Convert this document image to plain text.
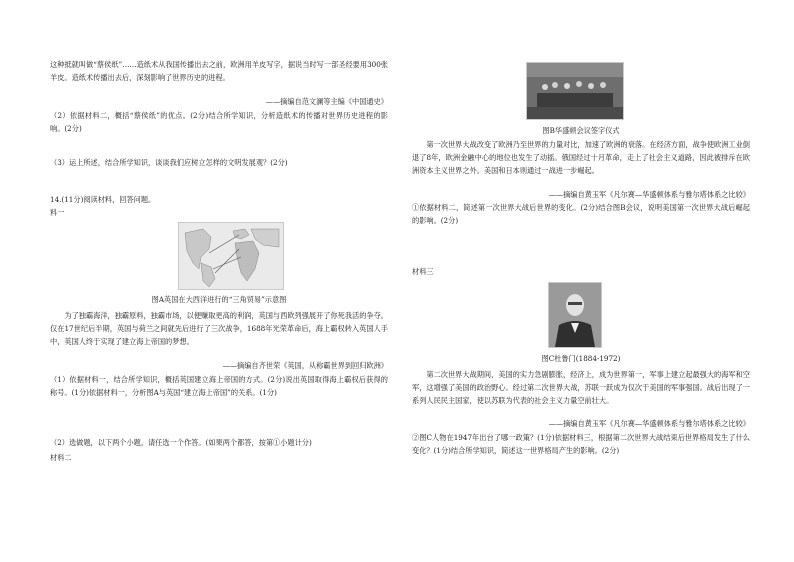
这种抵就叫做“蔡侯纸”……造纸术从我国传播出去之前，欧洲用羊皮写字，据说当时写一部圣经要用300张羊皮。造纸术传播出去后，深刻影响了世界历史的进程。

——摘编自范文澜等主编《中国通史》

（2）依据材料二，概括“蔡侯纸”的优点。(2分)结合所学知识，分析造纸术的传播对世界历史进程的影响。(2分)

（3）运上所述，结合所学知识，谈谈我们应树立怎样的文明发展观？(2分)

14.(11分)阅读材料，回答问题。

料一

图A英国在大西洋进行的“三角贸易”示意图

为了独霸海洋，独霸原料，独霸市场，以便赚取更高的利润，英国与西欧列强展开了你死我活的争夺。仅在17世纪后半期，英国与荷兰之间就先后进行了三次战争，1688年光荣革命后，海上霸权转入英国人手中，英国人终于实现了建立海上帝国的梦想。

——摘编自齐世荣《英国，从称霸世界到回归欧洲》

（1）依据材料一，结合所学知识，概括英国建立海上帝国的方式。(2分)说出英国取得海上霸权后获得的称号。(1分)依据材料一，分析图A与英国“建立海上帝国”的关系。(1分)

（2）选做题，以下两个小题，请任选一个作答。(如果两个都答，按第①小题计分)

材料二

图B华盛顿会议签字仪式

第一次世界大战改变了欧洲乃至世界的力量对比，加速了欧洲的衰落。在经济方面，战争使欧洲工业倒退了8年，欧洲金融中心的地位也发生了动摇。俄国经过十月革命，走上了社会主义道路，因此被排斥在欧洲资本主义世界之外。美国和日本则通过一战进一步崛起。

——摘编自黄玉军《凡尔赛—华盛顿体系与雅尔塔体系之比较》

①依据材料二，简述第一次世界大战后世界的变化。(2分)结合图B会议，说明美国第一次世界大战后崛起的影响。(2分)

材料三

图C杜鲁门(1884-1972)

第二次世界大战期间，美国的实力急剧膨胀，经济上，成为世界第一，军事上建立起最强大的海军和空军，这增强了美国的政治野心。经过第二次世界大战，苏联一跃成为仅次于美国的军事强国。战后出现了一系列人民民主国家，使以苏联为代表的社会主义力量空前壮大。

——摘编自黄玉军《凡尔赛—华盛顿体系与雅尔塔体系之比较》

②图C人物在1947年出台了哪一政策？(1分)依据材料三，根据第二次世界大战结束后世界格局发生了什么变化？(1分)结合所学知识，简述这一世界格局产生的影响。(2分)
